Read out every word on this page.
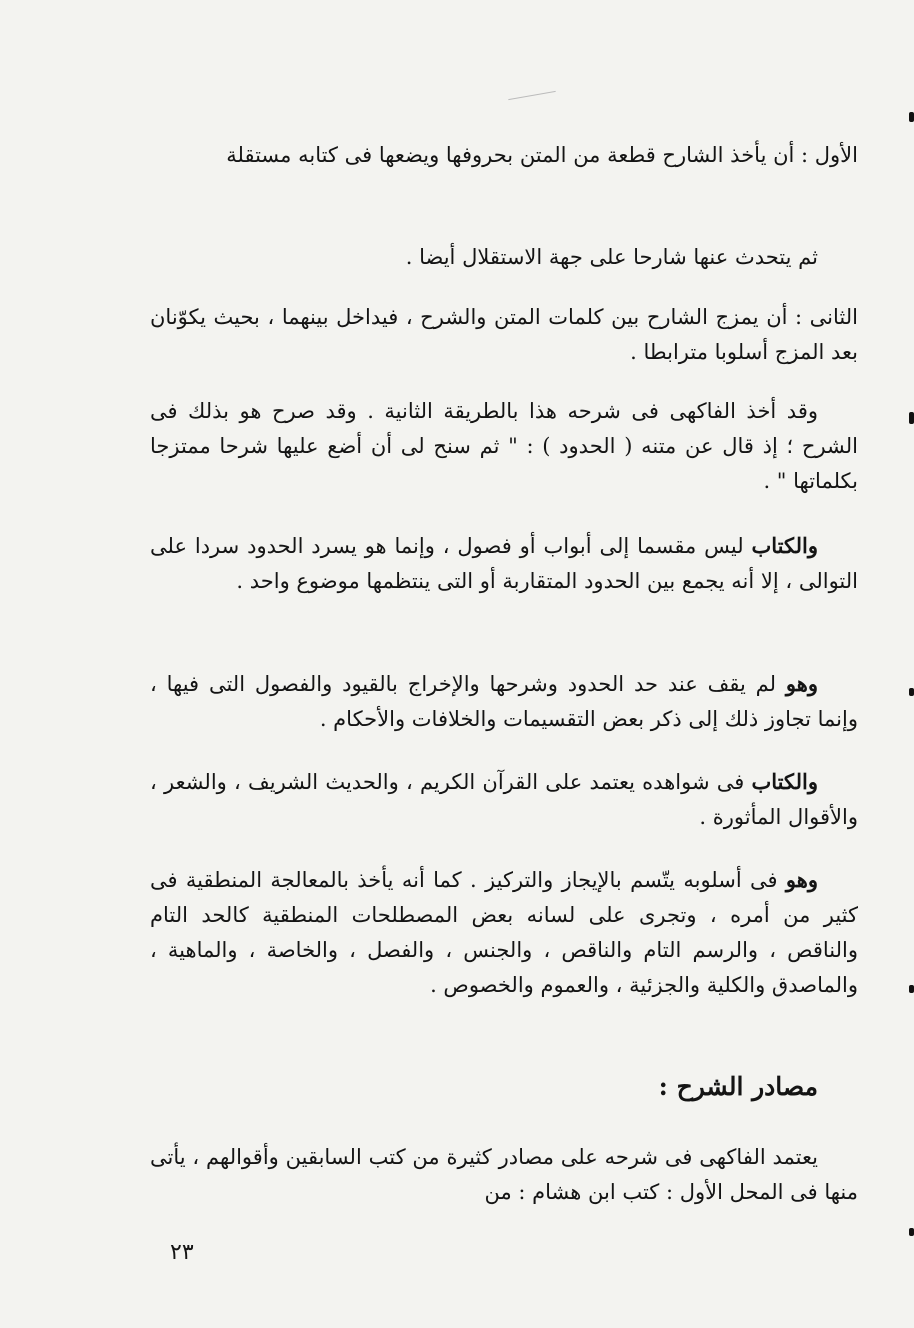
الأول : أن يأخذ الشارح قطعة من المتن بحروفها ويضعها فى كتابه مستقلة

ثم يتحدث عنها شارحا على جهة الاستقلال أيضا .

الثانى : أن يمزج الشارح بين كلمات المتن والشرح ، فيداخل بينهما ، بحيث يكوّنان بعد المزج أسلوبا مترابطا .

وقد أخذ الفاكهى فى شرحه هذا بالطريقة الثانية . وقد صرح هو بذلك فى الشرح ؛ إذ قال عن متنه ( الحدود ) : " ثم سنح لى أن أضع عليها شرحا ممتزجا بكلماتها " .

والكتاب ليس مقسما إلى أبواب أو فصول ، وإنما هو يسرد الحدود سردا على التوالى ، إلا أنه يجمع بين الحدود المتقاربة أو التى ينتظمها موضوع واحد .

وهو لم يقف عند حد الحدود وشرحها والإخراج بالقيود والفصول التى فيها ، وإنما تجاوز ذلك إلى ذكر بعض التقسيمات والخلافات والأحكام .

والكتاب فى شواهده يعتمد على القرآن الكريم ، والحديث الشريف ، والشعر ، والأقوال المأثورة .

وهو فى أسلوبه يتّسم بالإيجاز والتركيز . كما أنه يأخذ بالمعالجة المنطقية فى كثير من أمره ، وتجرى على لسانه بعض المصطلحات المنطقية كالحد التام والناقص ، والرسم التام والناقص ، والجنس ، والفصل ، والخاصة ، والماهية ، والماصدق والكلية والجزئية ، والعموم والخصوص .

مصادر الشرح :

يعتمد الفاكهى فى شرحه على مصادر كثيرة من كتب السابقين وأقوالهم ، يأتى منها فى المحل الأول : كتب ابن هشام : من

٢٣
